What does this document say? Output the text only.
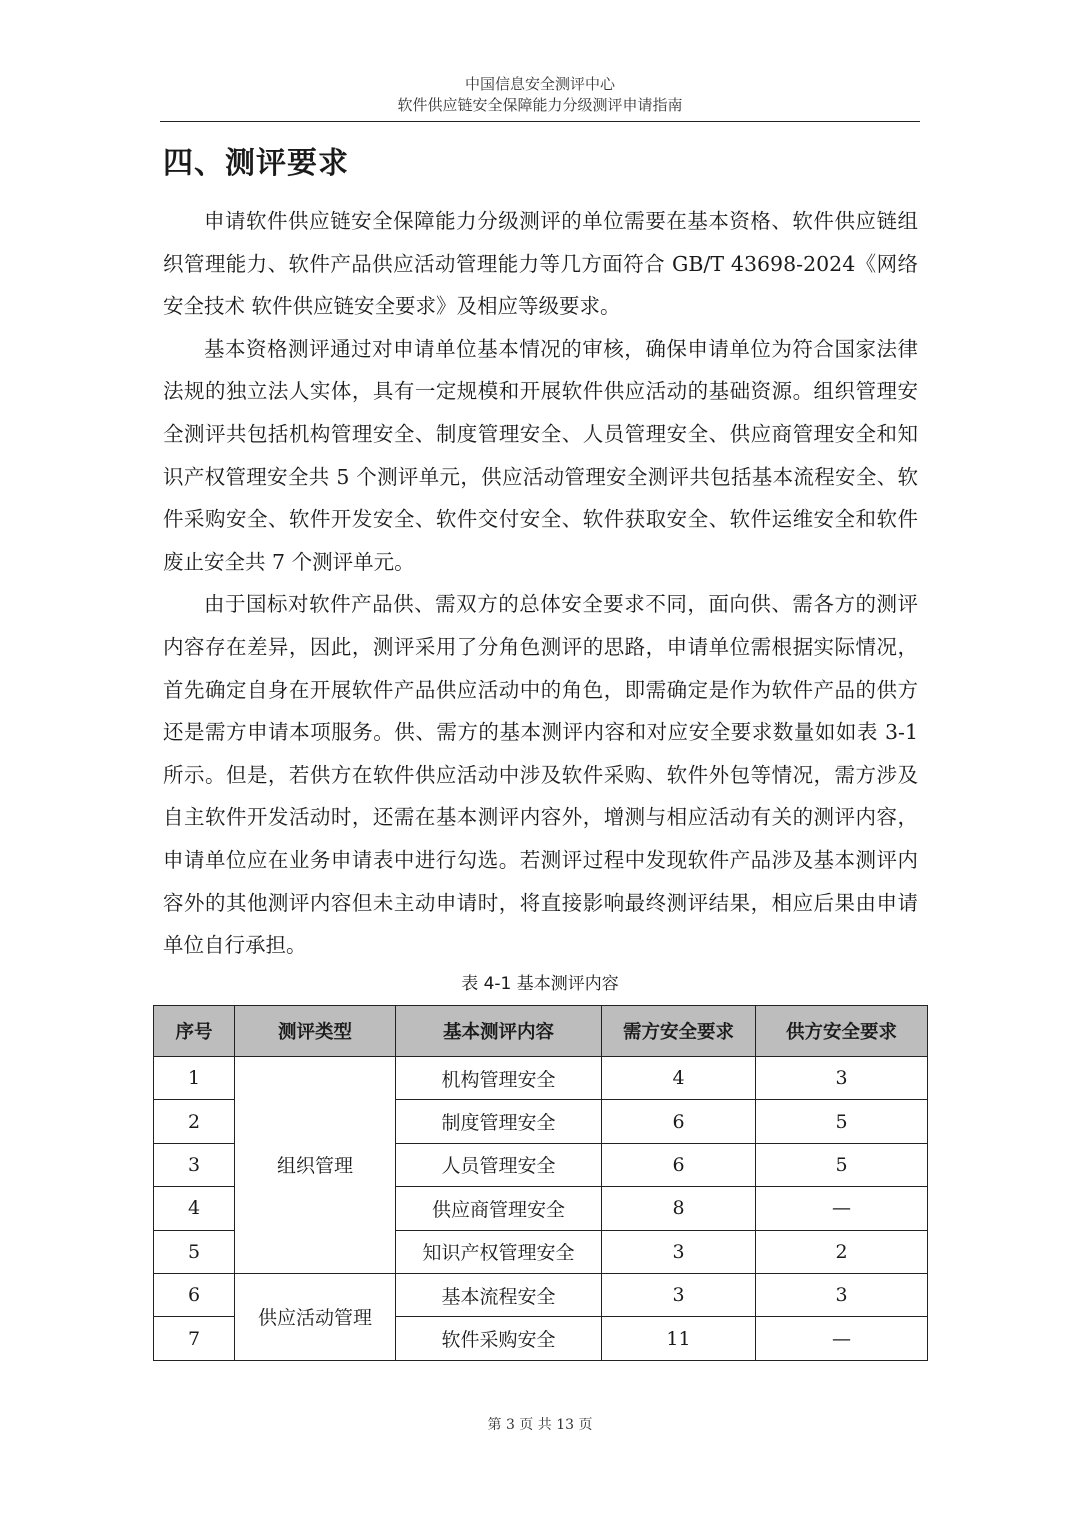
中国信息安全测评中心
软件供应链安全保障能力分级测评申请指南
四、测评要求

申请软件供应链安全保障能力分级测评的单位需要在基本资格、软件供应链组织管理能力、软件产品供应活动管理能力等几方面符合 GB/T 43698-2024《网络安全技术 软件供应链安全要求》及相应等级要求。

基本资格测评通过对申请单位基本情况的审核，确保申请单位为符合国家法律法规的独立法人实体，具有一定规模和开展软件供应活动的基础资源。组织管理安全测评共包括机构管理安全、制度管理安全、人员管理安全、供应商管理安全和知识产权管理安全共 5 个测评单元，供应活动管理安全测评共包括基本流程安全、软件采购安全、软件开发安全、软件交付安全、软件获取安全、软件运维安全和软件废止安全共 7 个测评单元。

由于国标对软件产品供、需双方的总体安全要求不同，面向供、需各方的测评内容存在差异，因此，测评采用了分角色测评的思路，申请单位需根据实际情况，首先确定自身在开展软件产品供应活动中的角色，即需确定是作为软件产品的供方还是需方申请本项服务。供、需方的基本测评内容和对应安全要求数量如如表 3-1 所示。但是，若供方在软件供应活动中涉及软件采购、软件外包等情况，需方涉及自主软件开发活动时，还需在基本测评内容外，增测与相应活动有关的测评内容，申请单位应在业务申请表中进行勾选。若测评过程中发现软件产品涉及基本测评内容外的其他测评内容但未主动申请时，将直接影响最终测评结果，相应后果由申请单位自行承担。

表 4-1 基本测评内容
序号	测评类型	基本测评内容	需方安全要求	供方安全要求
1	组织管理	机构管理安全	4	3
2		制度管理安全	6	5
3		人员管理安全	6	5
4		供应商管理安全	8	—
5		知识产权管理安全	3	2
6	供应活动管理	基本流程安全	3	3
7		软件采购安全	11	—
第 3 页 共 13 页
